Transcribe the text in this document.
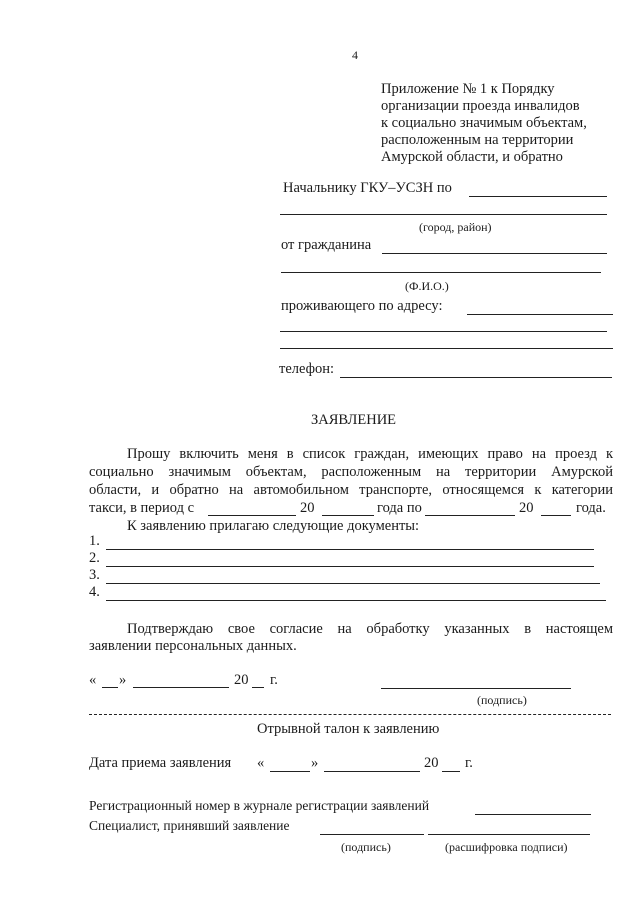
4
Приложение № 1 к Порядку
организации проезда инвалидов
к социально значимым объектам,
расположенным на территории
Амурской области, и обратно
Начальнику ГКУ–УСЗН по
(город, район)
от гражданина
(Ф.И.О.)
проживающего по адресу:
телефон:
ЗАЯВЛЕНИЕ
Прошу включить меня в список граждан, имеющих право на проезд к
социально значимым объектам, расположенным на территории Амурской
области, и обратно на автомобильном транспорте, относящемся к категории
такси, в период с	20	года по	20	года.
К заявлению прилагаю следующие документы:
1.
2.
3.
4.
Подтверждаю свое согласие на обработку указанных в настоящем
заявлении персональных данных.
« »	20 г.
(подпись)
Отрывной талон к заявлению
Дата приема заявления «	»	20 г.
Регистрационный номер в журнале регистрации заявлений
Специалист, принявший заявление
(подпись)	(расшифровка подписи)
